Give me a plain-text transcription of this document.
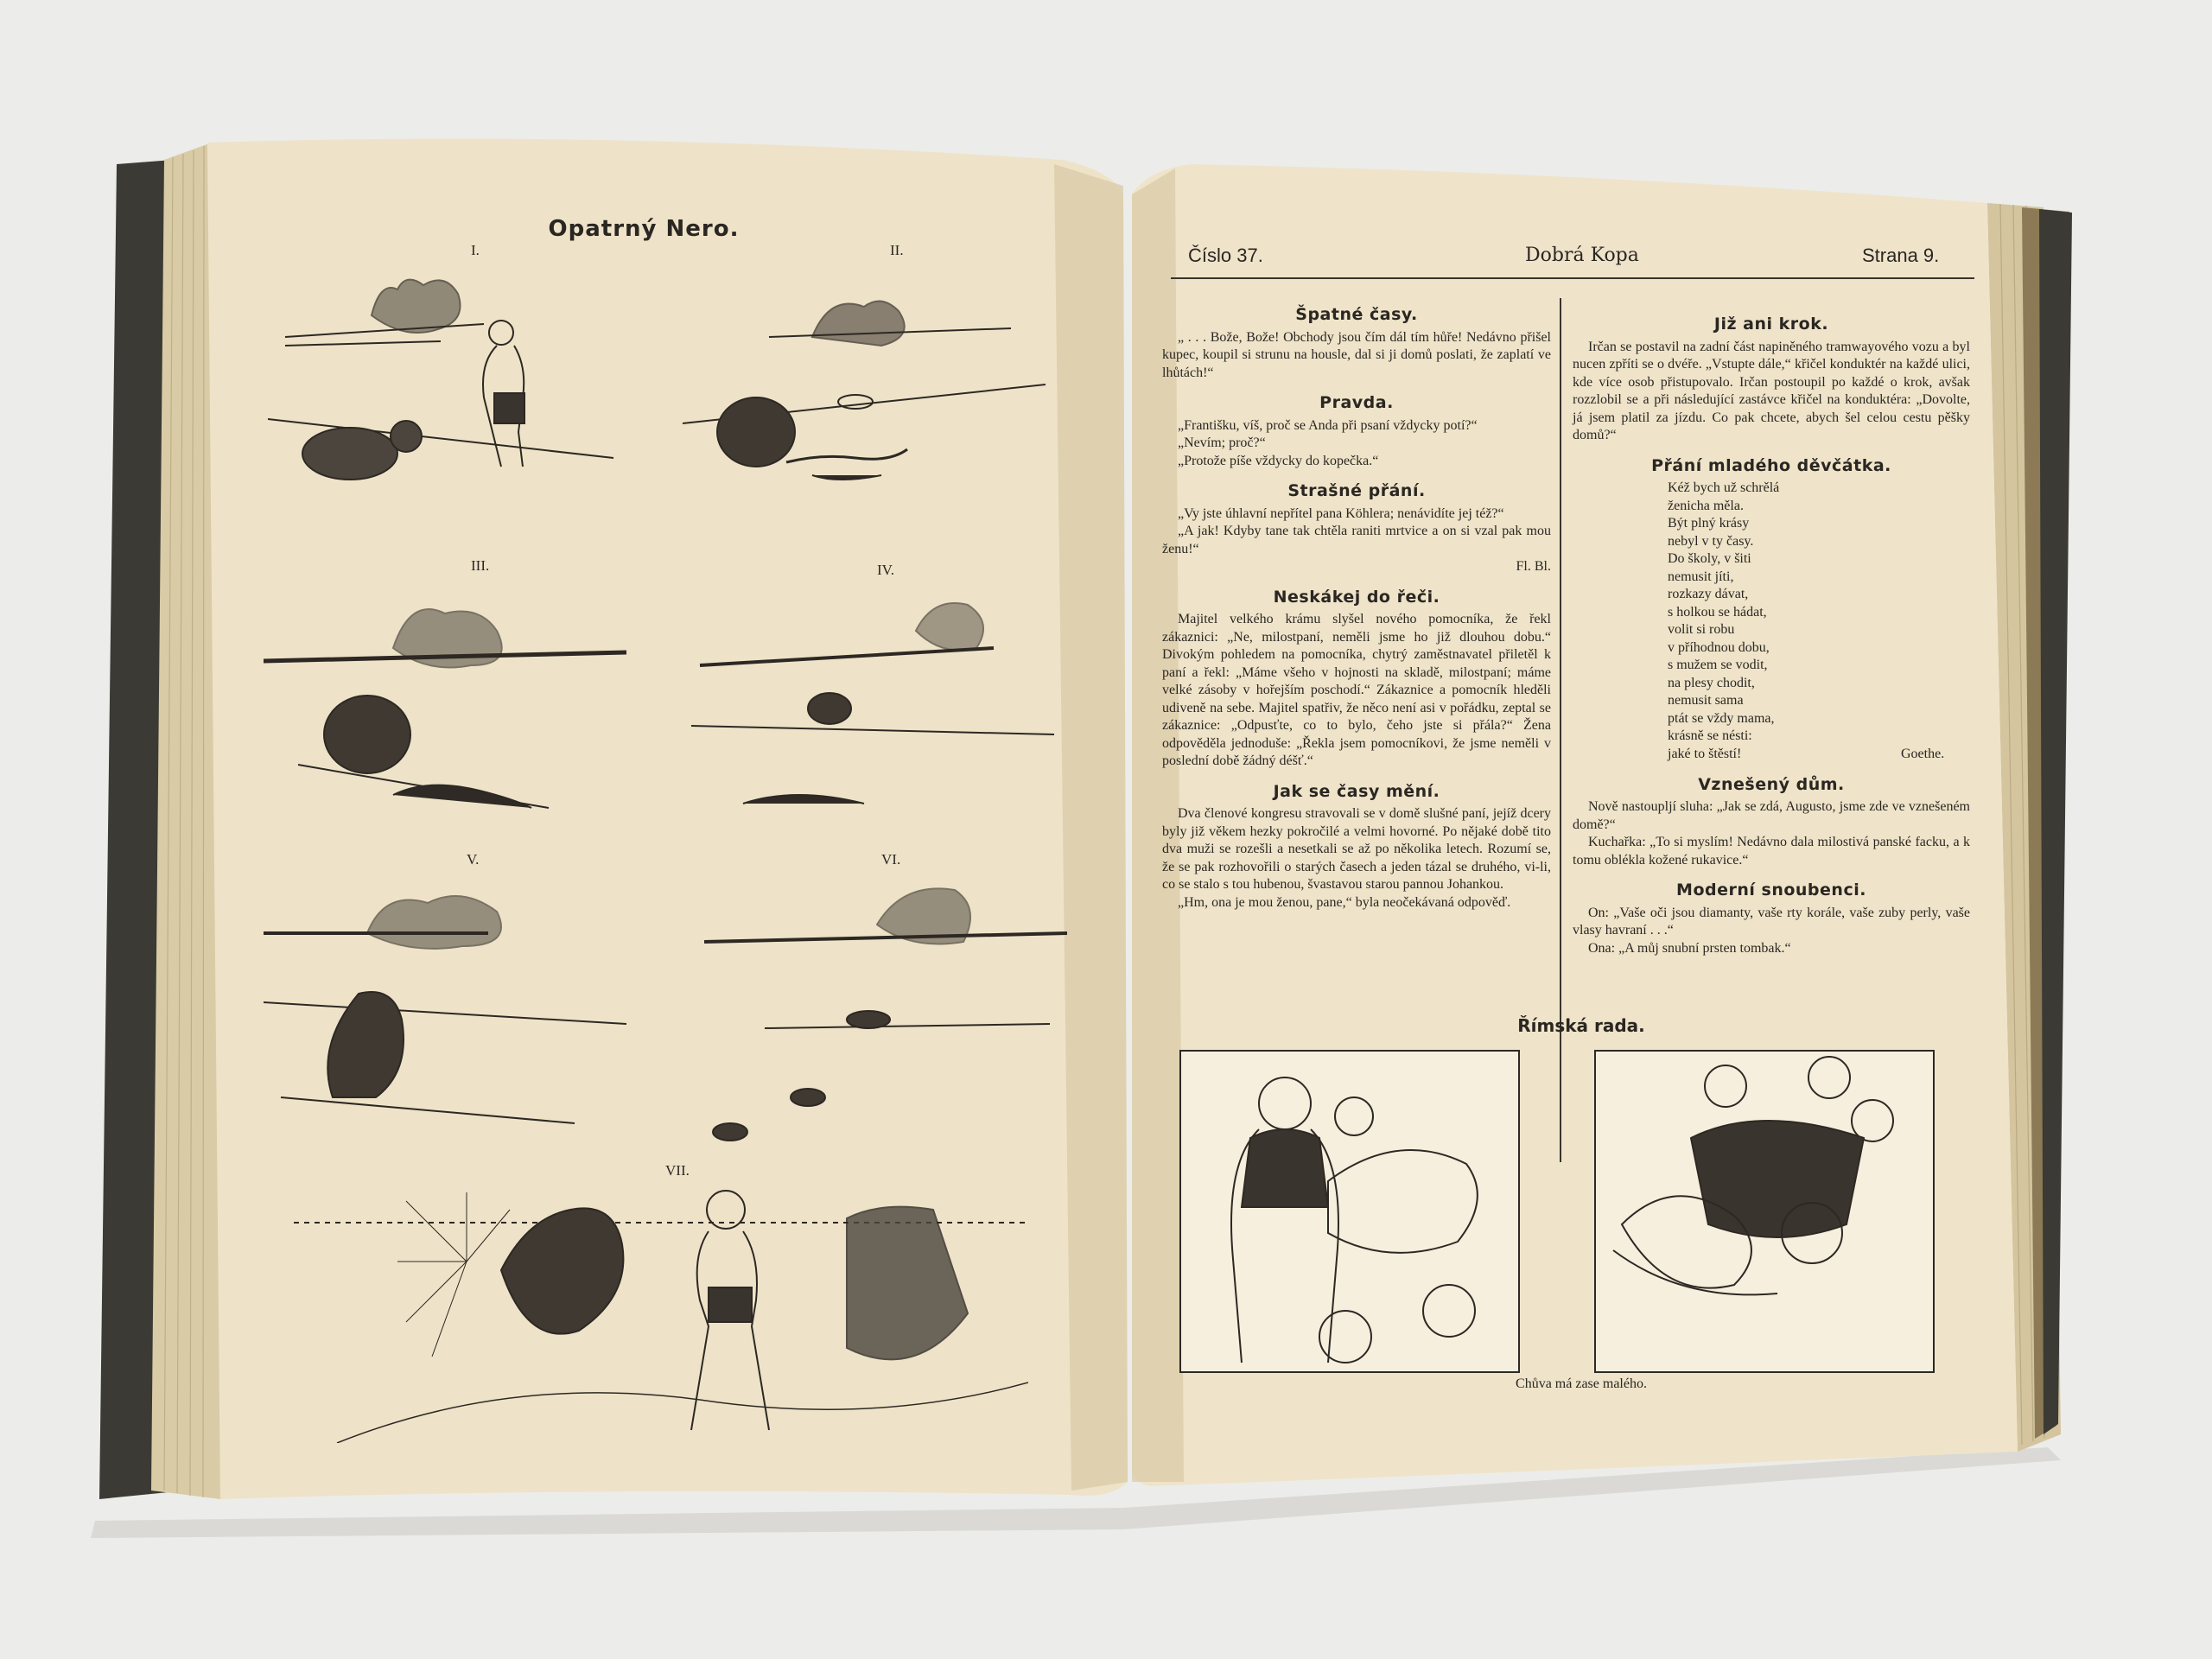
Opatrný Nero.
I.	II.
III.	IV.
V.	VI.
VII.
Číslo 37.	Dobrá Kopa	Strana 9.
Špatné časy.

„ . . . Bože, Bože! Obchody jsou čím dál tím hůře! Nedávno přišel kupec, koupil si strunu na housle, dal si ji domů poslati, že zaplatí ve lhůtách!“

Pravda.

„Františku, víš, proč se Anda při psaní vždycky potí?“

„Nevím; proč?“

„Protože píše vždycky do kopečka.“

Strašné přání.

„Vy jste úhlavní nepřítel pana Köhlera; nenávidíte jej též?“

„A jak! Kdyby tane tak chtěla raniti mrtvice a on si vzal pak mou ženu!“

Fl. Bl.
Neskákej do řeči.

Majitel velkého krámu slyšel nového pomocníka, že řekl zákaznici: „Ne, milostpaní, neměli jsme ho již dlouhou dobu.“ Divokým pohledem na pomocníka, chytrý zaměstnavatel přiletěl k paní a řekl: „Máme všeho v hojnosti na skladě, milostpaní; máme velké zásoby v hořejším poschodí.“ Zákaznice a pomocník hleděli udiveně na sebe. Majitel spatřiv, že něco není asi v pořádku, zeptal se zákaznice: „Odpusťte, co to bylo, čeho jste si přála?“ Žena odpověděla jednoduše: „Řekla jsem pomocníkovi, že jsme neměli v poslední době žádný déšť.“

Jak se časy mění.

Dva členové kongresu stravovali se v domě slušné paní, jejíž dcery byly již věkem hezky pokročilé a velmi hovorné. Po nějaké době tito dva muži se rozešli a nesetkali se až po několika letech. Rozumí se, že se pak rozhovořili o starých časech a jeden tázal se druhého, vi-li, co se stalo s tou hubenou, švastavou starou pannou Johankou.

„Hm, ona je mou ženou, pane,“ byla neočekávaná odpověď.

Již ani krok.

Irčan se postavil na zadní část napiněného tramwayového vozu a byl nucen zpříti se o dvéře. „Vstupte dále,“ křičel konduktér na každé ulici, kde více osob přistupovalo. Irčan postoupil po každé o krok, avšak rozzlobil se a při následující zastávce křičel na konduktéra: „Dovolte, já jsem platil za jízdu. Co pak chcete, abych šel celou cestu pěšky domů?“

Přání mladého děvčátka.
Kéž bych už schrělá
ženicha měla.
Být plný krásy
nebyl v ty časy.
Do školy, v šiti
nemusit jíti,
rozkazy dávat,
s holkou se hádat,
volit si robu
v příhodnou dobu,
s mužem se vodit,
na plesy chodit,
nemusit sama
ptát se vždy mama,
krásně se nésti:
jaké to štěstí!	Goethe.
Vznešený dům.

Nově nastoupljí sluha: „Jak se zdá, Augusto, jsme zde ve vznešeném domě?“

Kuchařka: „To si myslím! Nedávno dala milostivá panské facku, a k tomu oblékla kožené rukavice.“

Moderní snoubenci.

On: „Vaše oči jsou diamanty, vaše rty korále, vaše zuby perly, vaše vlasy havraní . . .“

Ona: „A můj snubní prsten tombak.“

Římská rada.
Chůva má zase malého.
